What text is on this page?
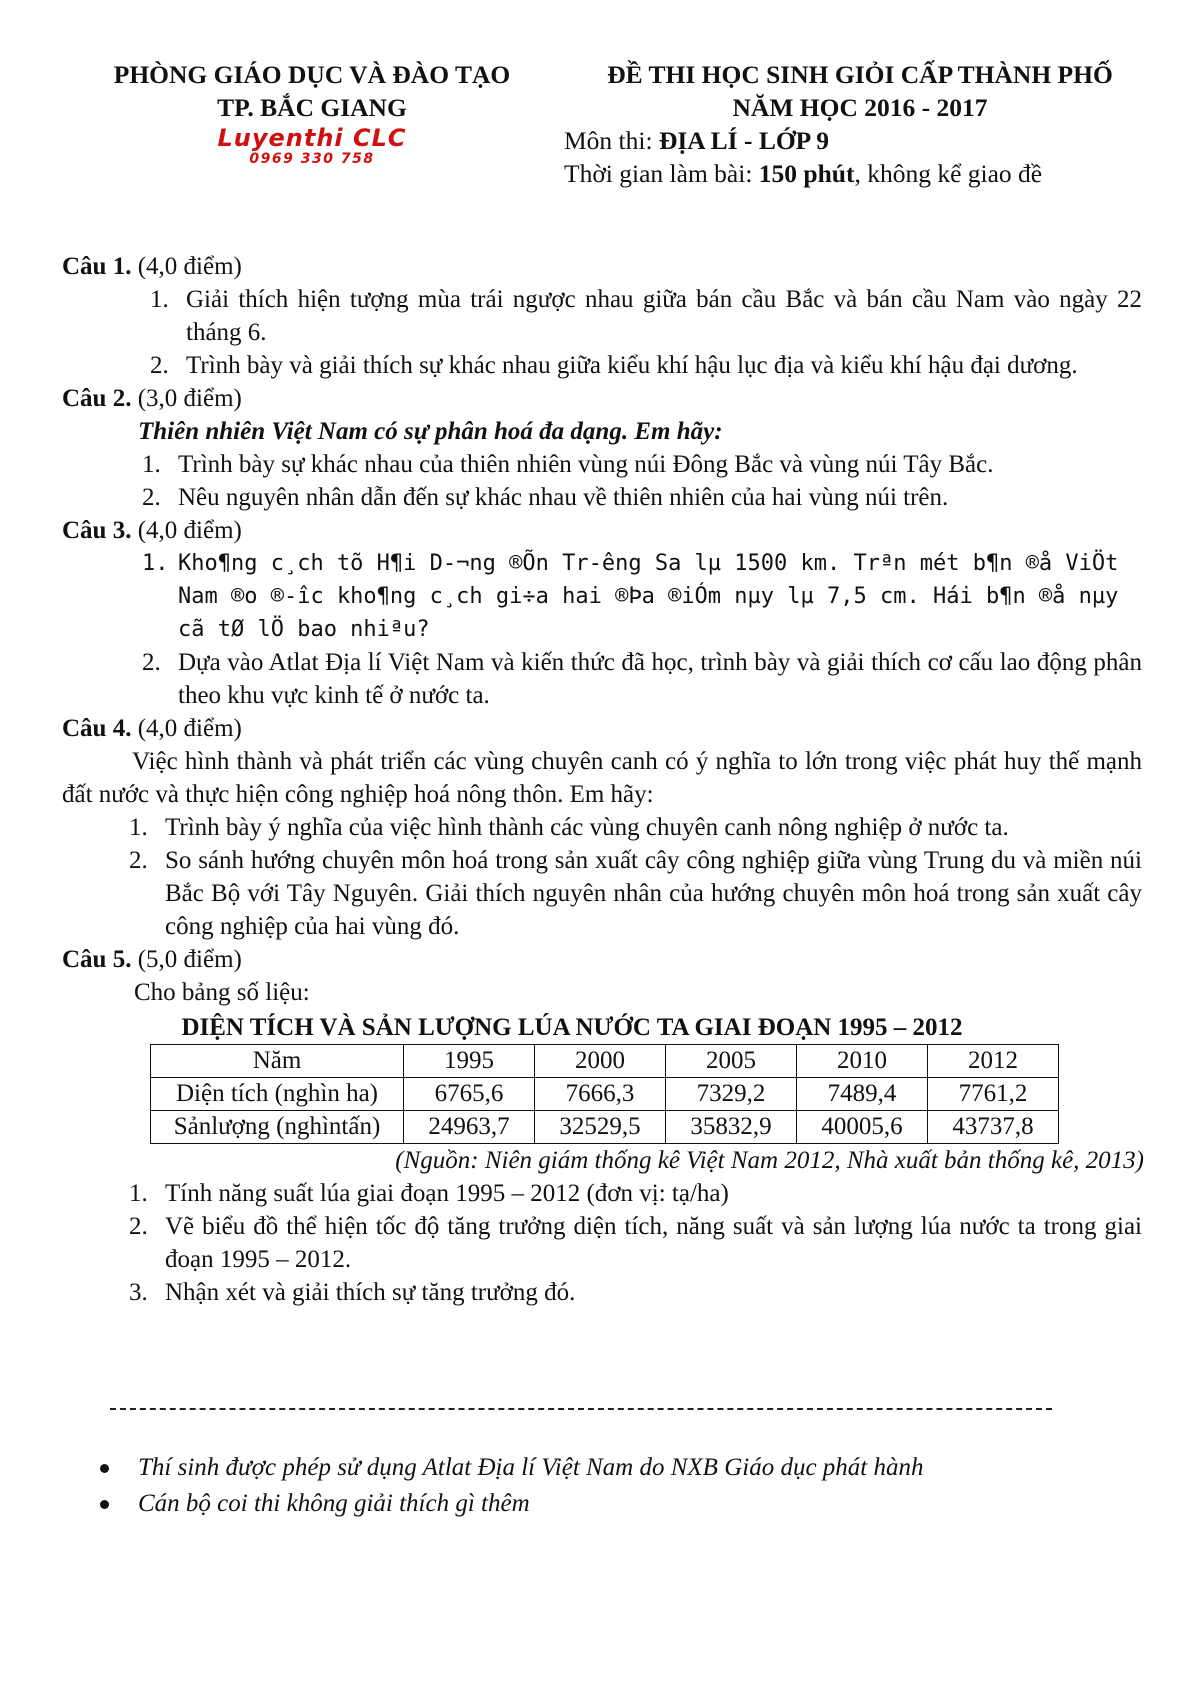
PHÒNG GIÁO DỤC VÀ ĐÀO TẠO
TP. BẮC GIANG
Luyenthi CLC
0969 330 758
ĐỀ THI HỌC SINH GIỎI CẤP THÀNH PHỐ
NĂM HỌC 2016 - 2017
Môn thi: ĐỊA LÍ - LỚP 9
Thời gian làm bài: 150 phút, không kể giao đề
Câu 1. (4,0 điểm)
1. Giải thích hiện tượng mùa trái ngược nhau giữa bán cầu Bắc và bán cầu Nam vào ngày 22 tháng 6.
2. Trình bày và giải thích sự khác nhau giữa kiểu khí hậu lục địa và kiểu khí hậu đại dương.
Câu 2. (3,0 điểm)
Thiên nhiên Việt Nam có sự phân hoá đa dạng. Em hãy:
1. Trình bày sự khác nhau của thiên nhiên vùng núi Đông Bắc và vùng núi Tây Bắc.
2. Nêu nguyên nhân dẫn đến sự khác nhau về thiên nhiên của hai vùng núi trên.
Câu 3. (4,0 điểm)
1. Kho¶ng c¸ch tõ H¶i D-¬ng ®Õn Tr-êng Sa lµ 1500 km. Trªn mét b¶n ®å ViÖt Nam ®o ®-îc kho¶ng c¸ch gi÷a hai ®Þa ®iÓm nµy lµ 7,5 cm. Hái b¶n ®å nµy cã tØ lÖ bao nhiªu?
2. Dựa vào Atlat Địa lí Việt Nam và kiến thức đã học, trình bày và giải thích cơ cấu lao động phân theo khu vực kinh tế ở nước ta.
Câu 4. (4,0 điểm)
Việc hình thành và phát triển các vùng chuyên canh có ý nghĩa to lớn trong việc phát huy thế mạnh đất nước và thực hiện công nghiệp hoá nông thôn. Em hãy:
1. Trình bày ý nghĩa của việc hình thành các vùng chuyên canh nông nghiệp ở nước ta.
2. So sánh hướng chuyên môn hoá trong sản xuất cây công nghiệp giữa vùng Trung du và miền núi Bắc Bộ với Tây Nguyên. Giải thích nguyên nhân của hướng chuyên môn hoá trong sản xuất cây công nghiệp của hai vùng đó.
Câu 5. (5,0 điểm)
Cho bảng số liệu:
DIỆN TÍCH VÀ SẢN LƯỢNG LÚA NƯỚC TA GIAI ĐOẠN 1995 – 2012
Năm	1995	2000	2005	2010	2012
Diện tích (nghìn ha)	6765,6	7666,3	7329,2	7489,4	7761,2
Sảnlượng (nghìntấn)	24963,7	32529,5	35832,9	40005,6	43737,8
(Nguồn: Niên giám thống kê Việt Nam 2012, Nhà xuất bản thống kê, 2013)
1. Tính năng suất lúa giai đoạn 1995 – 2012 (đơn vị: tạ/ha)
2. Vẽ biểu đồ thể hiện tốc độ tăng trưởng diện tích, năng suất và sản lượng lúa nước ta trong giai đoạn 1995 – 2012.
3. Nhận xét và giải thích sự tăng trưởng đó.
Thí sinh được phép sử dụng Atlat Địa lí Việt Nam do NXB Giáo dục phát hành
Cán bộ coi thi không giải thích gì thêm
